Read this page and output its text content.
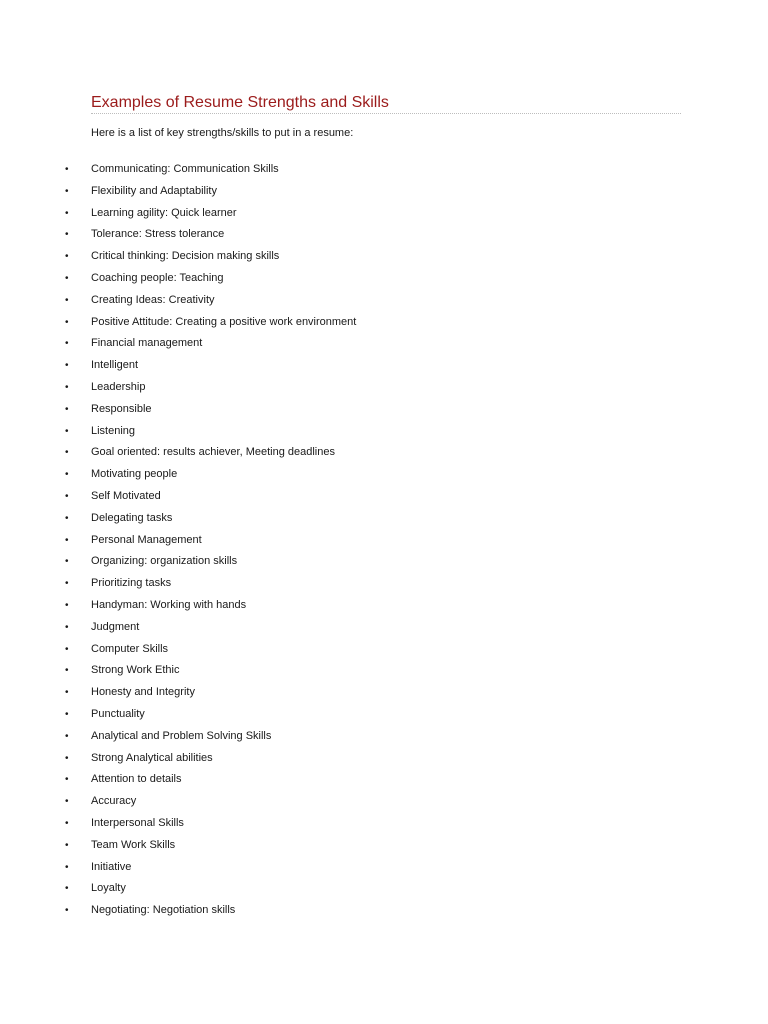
Examples of Resume Strengths and Skills

Here is a list of key strengths/skills to put in a resume:

• Communicating: Communication Skills
• Flexibility and Adaptability
• Learning agility: Quick learner
• Tolerance: Stress tolerance
• Critical thinking: Decision making skills
• Coaching people: Teaching
• Creating Ideas: Creativity
• Positive Attitude: Creating a positive work environment
• Financial management
• Intelligent
• Leadership
• Responsible
• Listening
• Goal oriented: results achiever, Meeting deadlines
• Motivating people
• Self Motivated
• Delegating tasks
• Personal Management
• Organizing: organization skills
• Prioritizing tasks
• Handyman: Working with hands
• Judgment
• Computer Skills
• Strong Work Ethic
• Honesty and Integrity
• Punctuality
• Analytical and Problem Solving Skills
• Strong Analytical abilities
• Attention to details
• Accuracy
• Interpersonal Skills
• Team Work Skills
• Initiative
• Loyalty
• Negotiating: Negotiation skills
